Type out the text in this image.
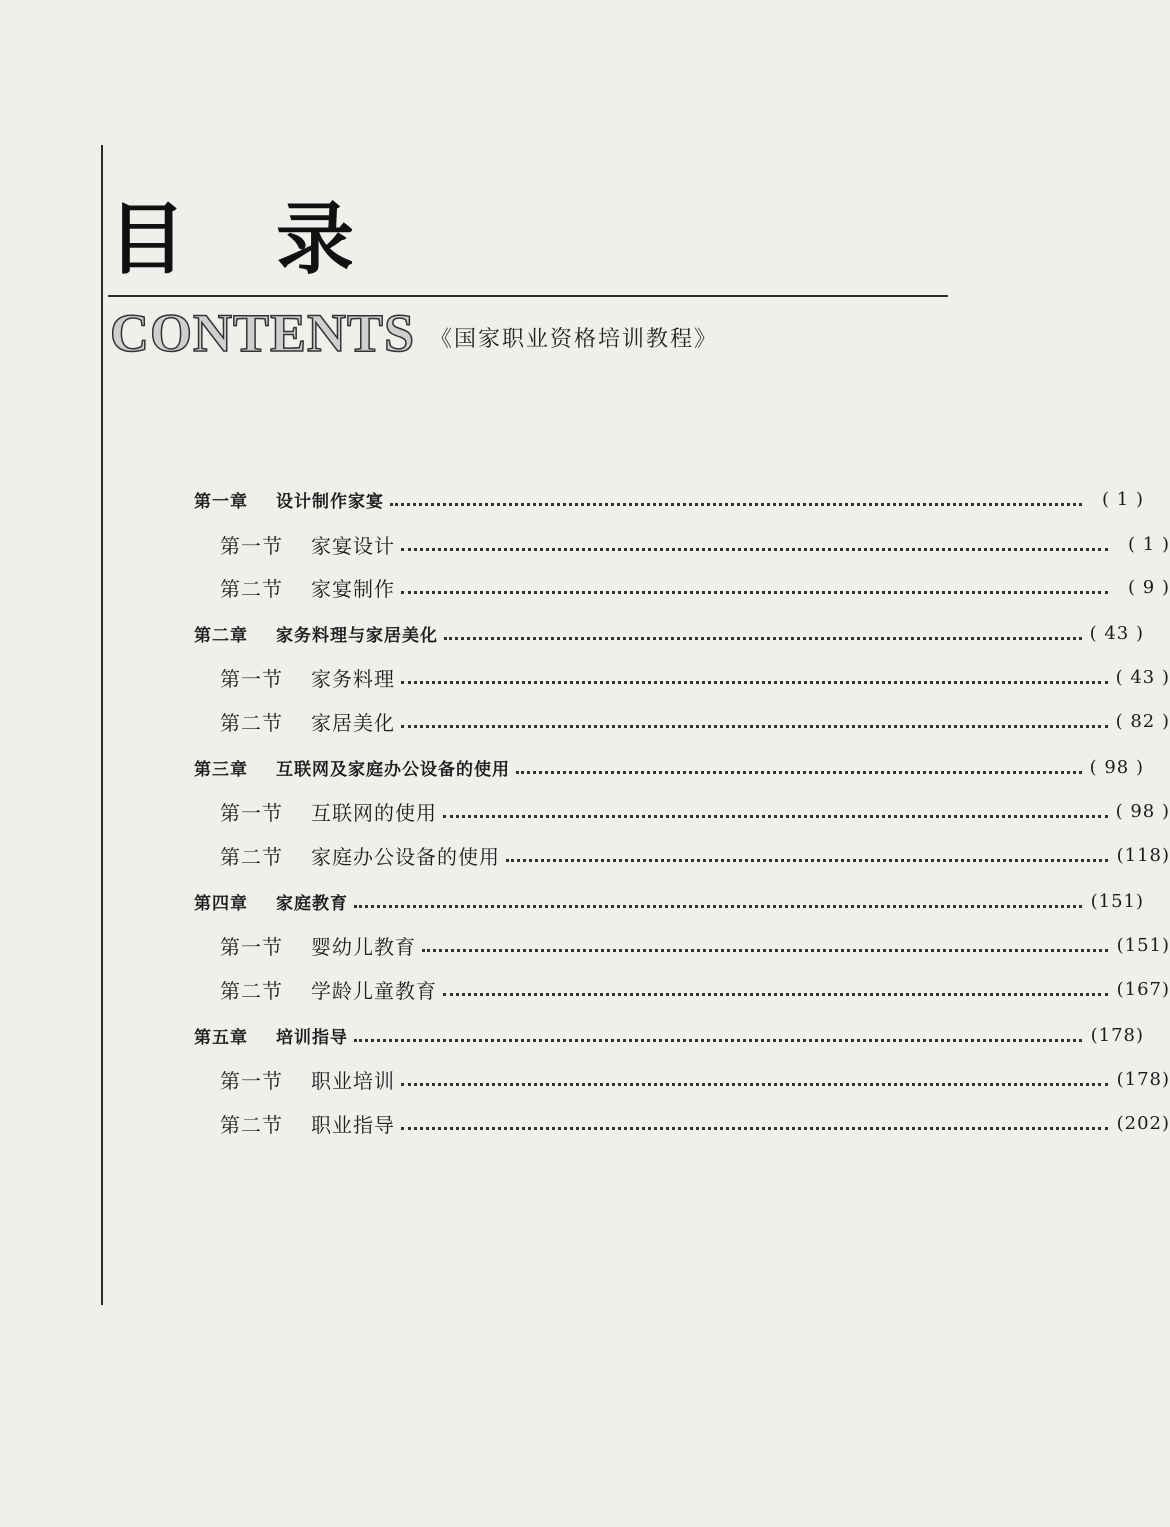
目录
CONTENTS 《国家职业资格培训教程》
第一章 设计制作家宴	( 1 )
第一节 家宴设计	( 1 )
第二节 家宴制作	( 9 )
第二章 家务料理与家居美化	( 43 )
第一节 家务料理	( 43 )
第二节 家居美化	( 82 )
第三章 互联网及家庭办公设备的使用	( 98 )
第一节 互联网的使用	( 98 )
第二节 家庭办公设备的使用	(118)
第四章 家庭教育	(151)
第一节 婴幼儿教育	(151)
第二节 学龄儿童教育	(167)
第五章 培训指导	(178)
第一节 职业培训	(178)
第二节 职业指导	(202)
